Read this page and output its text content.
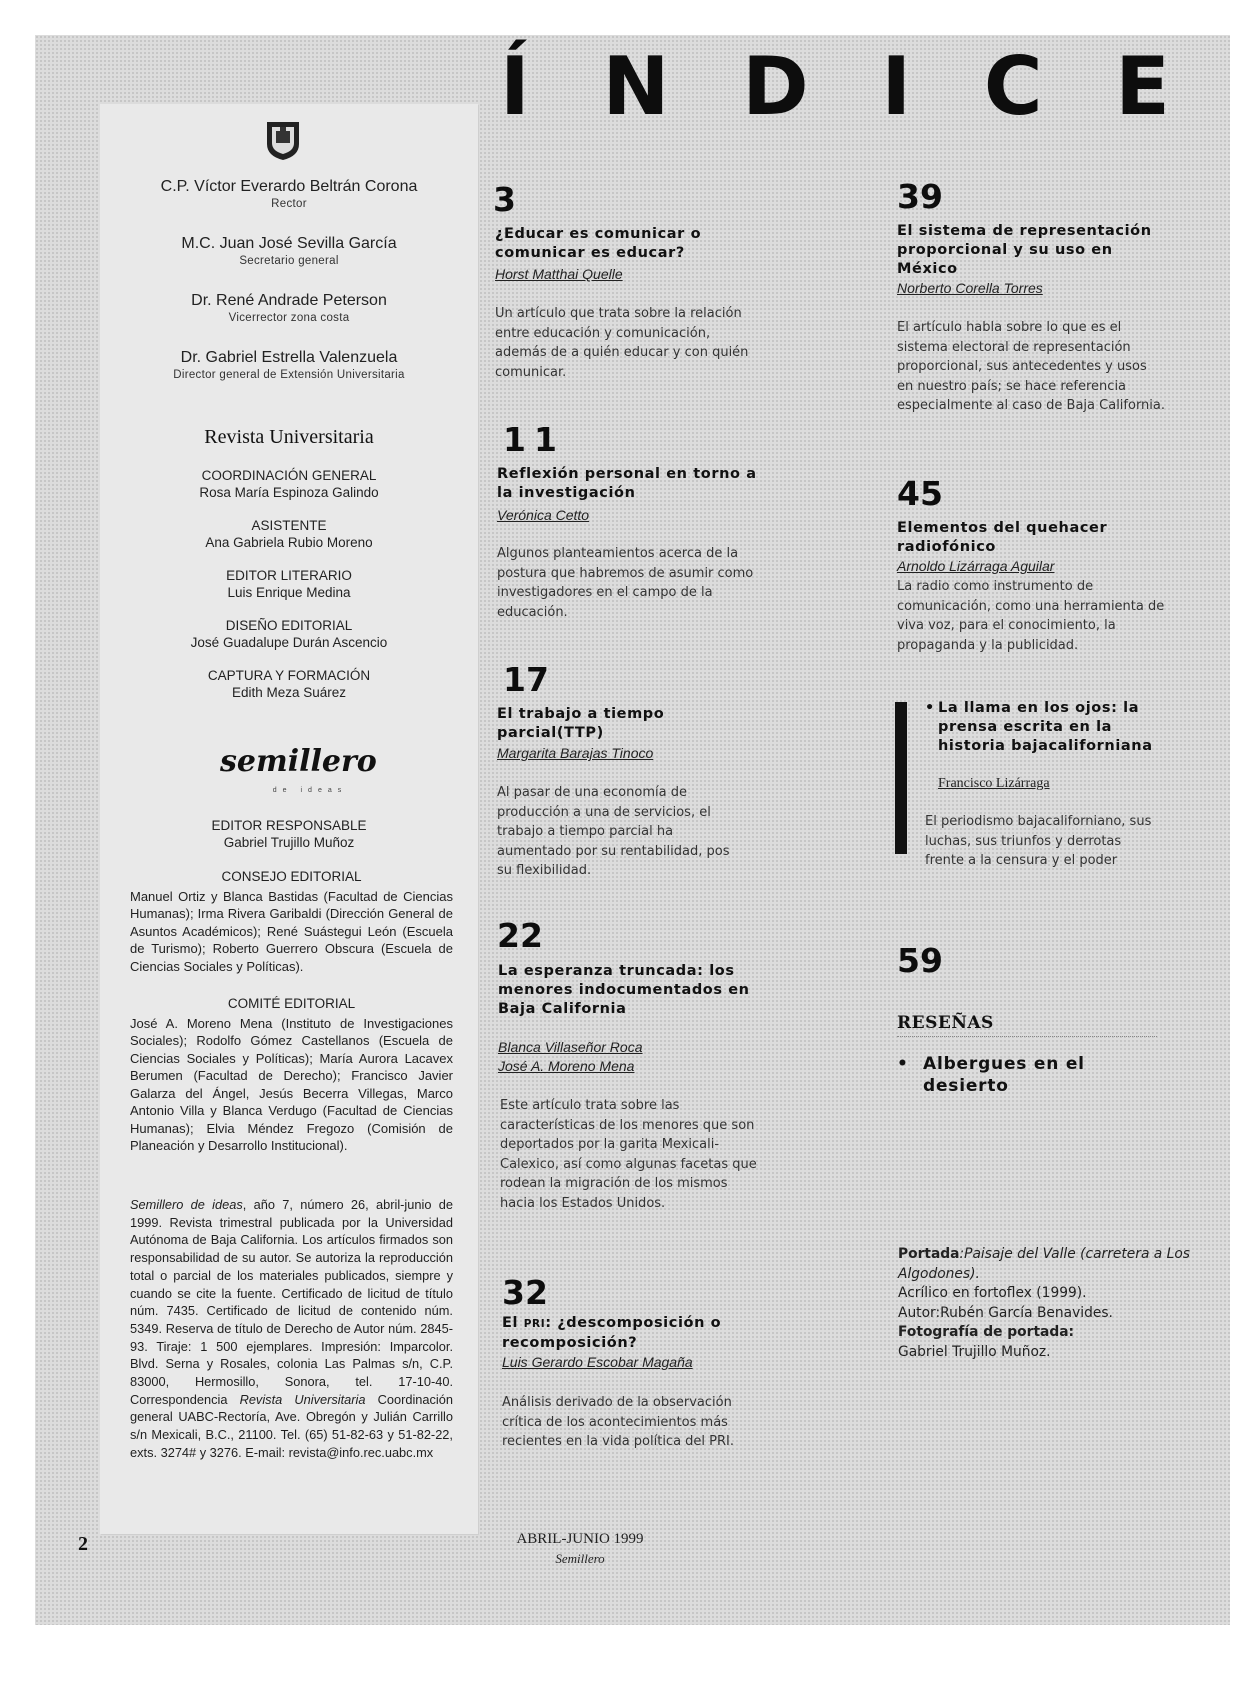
Í N D I C E

C.P. Víctor Everardo Beltrán Corona

Rector

M.C. Juan José Sevilla García

Secretario general

Dr. René Andrade Peterson

Vicerrector zona costa

Dr. Gabriel Estrella Valenzuela

Director general de Extensión Universitaria

Revista Universitaria

COORDINACIÓN GENERAL

Rosa María Espinoza Galindo

ASISTENTE

Ana Gabriela Rubio Moreno

EDITOR LITERARIO

Luis Enrique Medina

DISEÑO EDITORIAL

José Guadalupe Durán Ascencio

CAPTURA Y FORMACIÓN

Edith Meza Suárez

semillero
de ideas

EDITOR RESPONSABLE

Gabriel Trujillo Muñoz

CONSEJO EDITORIAL
Manuel Ortiz y Blanca Bastidas (Facultad de Ciencias Humanas); Irma Rivera Garibaldi (Dirección General de Asuntos Académicos); René Suástegui León (Escuela de Turismo); Roberto Guerrero Obscura (Escuela de Ciencias Sociales y Políticas).
COMITÉ EDITORIAL
José A. Moreno Mena (Instituto de Investigaciones Sociales); Rodolfo Gómez Castellanos (Escuela de Ciencias Sociales y Políticas); María Aurora Lacavex Berumen (Facultad de Derecho); Francisco Javier Galarza del Ángel, Jesús Becerra Villegas, Marco Antonio Villa y Blanca Verdugo (Facultad de Ciencias Humanas); Elvia Méndez Fregozo (Comisión de Planeación y Desarrollo Institucional).
Semillero de ideas, año 7, número 26, abril-junio de 1999. Revista trimestral publicada por la Universidad Autónoma de Baja California. Los artículos firmados son responsabilidad de su autor. Se autoriza la reproducción total o parcial de los materiales publicados, siempre y cuando se cite la fuente. Certificado de licitud de título núm. 7435. Certificado de licitud de contenido núm. 5349. Reserva de título de Derecho de Autor núm. 2845-93. Tiraje: 1 500 ejemplares. Impresión: Imparcolor. Blvd. Serna y Rosales, colonia Las Palmas s/n, C.P. 83000, Hermosillo, Sonora, tel. 17-10-40. Correspondencia Revista Universitaria Coordinación general UABC-Rectoría, Ave. Obregón y Julián Carrillo s/n Mexicali, B.C., 21100. Tel. (65) 51-82-63 y 51-82-22, exts. 3274# y 3276. E-mail: revista@info.rec.uabc.mx
3
¿Educar es comunicar o comunicar es educar?
Horst Matthai Quelle
Un artículo que trata sobre la relación entre educación y comunicación, además de a quién educar y con quién comunicar.
11
Reflexión personal en torno a la investigación
Verónica Cetto
Algunos planteamientos acerca de la postura que habremos de asumir como investigadores en el campo de la educación.
17
El trabajo a tiempo parcial(TTP)
Margarita Barajas Tinoco
Al pasar de una economía de producción a una de servicios, el trabajo a tiempo parcial ha aumentado por su rentabilidad, pos su flexibilidad.
22
La esperanza truncada: los menores indocumentados en Baja California
Blanca Villaseñor Roca
José A. Moreno Mena
Este artículo trata sobre las características de los menores que son deportados por la garita Mexicali-Calexico, así como algunas facetas que rodean la migración de los mismos hacia los Estados Unidos.
32
El PRI: ¿descomposición o recomposición?
Luis Gerardo Escobar Magaña
Análisis derivado de la observación crítica de los acontecimientos más recientes en la vida política del PRI.
39
El sistema de representación proporcional y su uso en México
Norberto Corella Torres
El artículo habla sobre lo que es el sistema electoral de representación proporcional, sus antecedentes y usos en nuestro país; se hace referencia especialmente al caso de Baja California.
45
Elementos del quehacer radiofónico
Arnoldo Lizárraga Aguilar
La radio como instrumento de comunicación, como una herramienta de viva voz, para el conocimiento, la propaganda y la publicidad.
• La llama en los ojos: la prensa escrita en la historia bajacaliforniana
Francisco Lizárraga
El periodismo bajacaliforniano, sus luchas, sus triunfos y derrotas frente a la censura y el poder
59
RESEÑAS
• Albergues en el desierto
Portada:Paisaje del Valle (carretera a Los Algodones).
Acrílico en fortoflex (1999).
Autor:Rubén García Benavides.
Fotografía de portada:
Gabriel Trujillo Muñoz.
2	ABRIL-JUNIO 1999
Semillero
